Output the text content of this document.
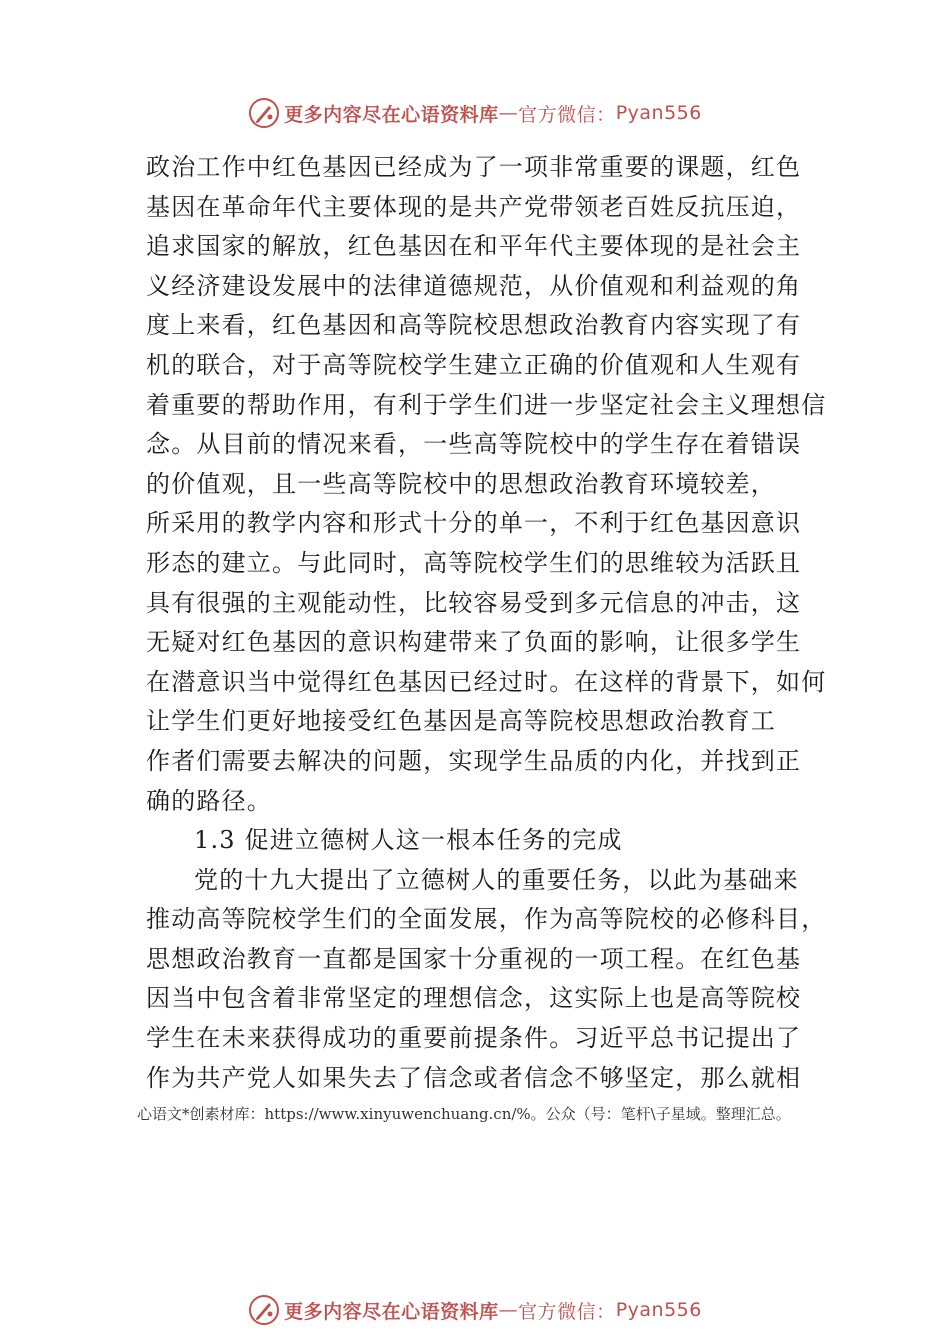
更多内容尽在心语资料库 — 官方微信： Pyan556
政治工作中红色基因已经成为了一项非常重要的课题，红色
基因在革命年代主要体现的是共产党带领老百姓反抗压迫，
追求国家的解放，红色基因在和平年代主要体现的是社会主
义经济建设发展中的法律道德规范，从价值观和利益观的角
度上来看，红色基因和高等院校思想政治教育内容实现了有
机的联合，对于高等院校学生建立正确的价值观和人生观有
着重要的帮助作用，有利于学生们进一步坚定社会主义理想信
念。从目前的情况来看，一些高等院校中的学生存在着错误
的价值观，且一些高等院校中的思想政治教育环境较差，
所采用的教学内容和形式十分的单一，不利于红色基因意识
形态的建立。与此同时，高等院校学生们的思维较为活跃且
具有很强的主观能动性，比较容易受到多元信息的冲击，这
无疑对红色基因的意识构建带来了负面的影响，让很多学生
在潜意识当中觉得红色基因已经过时。在这样的背景下，如何
让学生们更好地接受红色基因是高等院校思想政治教育工
作者们需要去解决的问题，实现学生品质的内化，并找到正
确的路径。
1.3 促进立德树人这一根本任务的完成
党的十九大提出了立德树人的重要任务，以此为基础来
推动高等院校学生们的全面发展，作为高等院校的必修科目，
思想政治教育一直都是国家十分重视的一项工程。在红色基
因当中包含着非常坚定的理想信念，这实际上也是高等院校
学生在未来获得成功的重要前提条件。习近平总书记提出了
作为共产党人如果失去了信念或者信念不够坚定，那么就相
心语文*创素材库：https://www.xinyuwenchuang.cn/%。公众（号：笔杆\子星域。整理汇总。
更多内容尽在心语资料库 — 官方微信： Pyan556
